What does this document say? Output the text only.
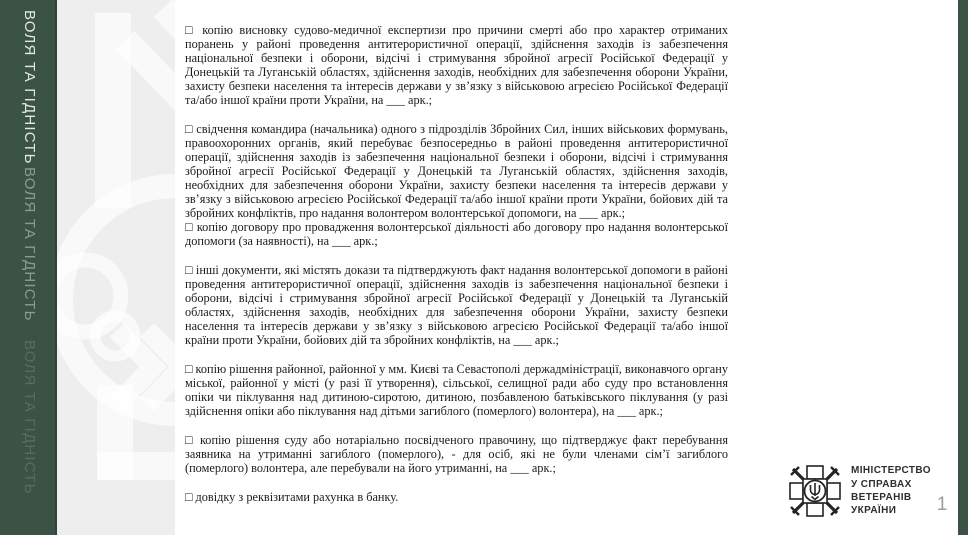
ВОЛЯ ТА ГІДНІСТЬ
ВОЛЯ ТА ГІДНІСТЬ
ВОЛЯ ТА ГІДНІСТЬ

□ копію висновку судово-медичної експертизи про причини смерті або про характер отриманих поранень у районі проведення антитерористичної операції, здійснення заходів із забезпечення національної безпеки і оборони, відсічі і стримування збройної агресії Російської Федерації у Донецькій та Луганській областях, здійснення заходів, необхідних для забезпечення оборони України, захисту безпеки населення та інтересів держави у зв’язку з військовою агресією Російської Федерації та/або іншої країни проти України, на ___ арк.;

□ свідчення командира (начальника) одного з підрозділів Збройних Сил, інших військових формувань, правоохоронних органів, який перебуває безпосередньо в районі проведення антитерористичної операції, здійснення заходів із забезпечення національної безпеки і оборони, відсічі і стримування збройної агресії Російської Федерації у Донецькій та Луганській областях, здійснення заходів, необхідних для забезпечення оборони України, захисту безпеки населення та інтересів держави у зв’язку з військовою агресією Російської Федерації та/або іншої країни проти України, бойових дій та збройних конфліктів, про надання волонтером волонтерської допомоги, на ___ арк.;

□ копію договору про провадження волонтерської діяльності або договору про надання волонтерської допомоги (за наявності), на ___ арк.;

□ інші документи, які містять докази та підтверджують факт надання волонтерської допомоги в районі проведення антитерористичної операції, здійснення заходів із забезпечення національної безпеки і оборони, відсічі і стримування збройної агресії Російської Федерації у Донецькій та Луганській областях, здійснення заходів, необхідних для забезпечення оборони України, захисту безпеки населення та інтересів держави у зв’язку з військовою агресією Російської Федерації та/або іншої країни проти України, бойових дій та збройних конфліктів, на ___ арк.;

□ копію рішення районної, районної у мм. Києві та Севастополі держадміністрації, виконавчого органу міської, районної у місті (у разі її утворення), сільської, селищної ради або суду про встановлення опіки чи піклування над дитиною-сиротою, дитиною, позбавленою батьківського піклування (у разі здійснення опіки або піклування над дітьми загиблого (померлого) волонтера), на ___ арк.;

□ копію рішення суду або нотаріально посвідченого правочину, що підтверджує факт перебування заявника на утриманні загиблого (померлого), - для осіб, які не були членами сім’ї загиблого (померлого) волонтера, але перебували на його утриманні, на ___ арк.;

□ довідку з реквізитами рахунка в банку.

МІНІСТЕРСТВО
У СПРАВАХ
ВЕТЕРАНІВ
УКРАЇНИ	1
